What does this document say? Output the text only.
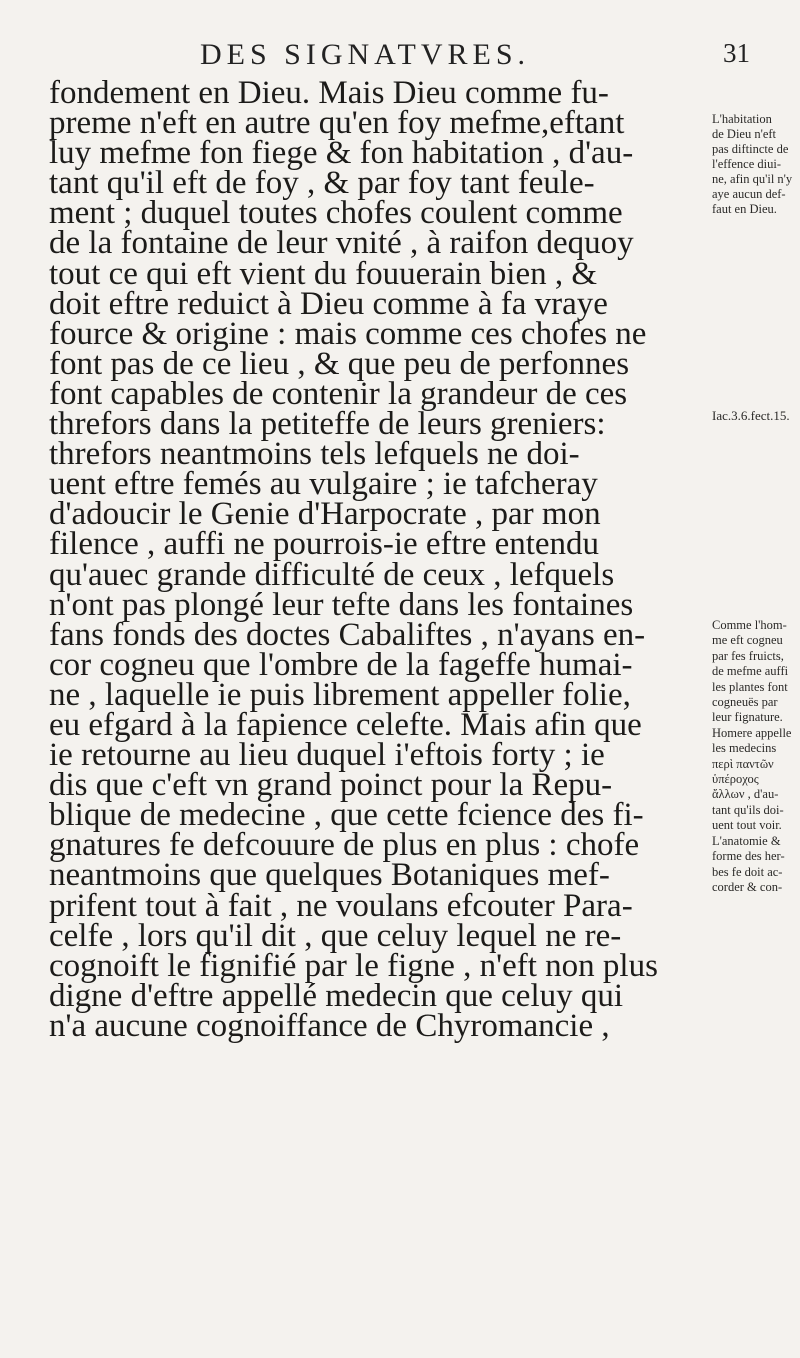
DES SIGNATVRES.	31
fondement en Dieu. Mais Dieu comme fu-
preme n'eft en autre qu'en foy mefme,eftant
luy mefme fon fiege & fon habitation , d'au-
tant qu'il eft de foy , & par foy tant feule-
ment ; duquel toutes chofes coulent comme
de la fontaine de leur vnité , à raifon dequoy
tout ce qui eft vient du fouuerain bien , &
doit eftre reduict à Dieu comme à fa vraye
fource & origine : mais comme ces chofes ne
font pas de ce lieu , & que peu de perfonnes
font capables de contenir la grandeur de ces
threfors dans la petiteffe de leurs greniers:
threfors neantmoins tels lefquels ne doi-
uent eftre femés au vulgaire ; ie tafcheray
d'adoucir le Genie d'Harpocrate , par mon
filence , auffi ne pourrois-ie eftre entendu
qu'auec grande difficulté de ceux , lefquels
n'ont pas plongé leur tefte dans les fontaines
fans fonds des doctes Cabaliftes , n'ayans en-
cor cogneu que l'ombre de la fageffe humai-
ne , laquelle ie puis librement appeller folie,
eu efgard à la fapience celefte. Mais afin que
ie retourne au lieu duquel i'eftois forty ; ie
dis que c'eft vn grand poinct pour la Repu-
blique de medecine , que cette fcience des fi-
gnatures fe defcouure de plus en plus : chofe
neantmoins que quelques Botaniques mef-
prifent tout à fait , ne voulans efcouter Para-
celfe , lors qu'il dit , que celuy lequel ne re-
cognoift le fignifié par le figne , n'eft non plus
digne d'eftre appellé medecin que celuy qui
n'a aucune cognoiffance de Chyromancie ,
L'habitation
de Dieu n'eft
pas diftincte de
l'effence diui-
ne, afin qu'il n'y
aye aucun def-
faut en Dieu.
Iac.3.6.fect.15.
Comme l'hom-
me eft cogneu
par fes fruicts,
de mefme auffi
les plantes font
cogneuës par
leur fignature.
Homere appelle
les medecins
περὶ παντῶν
ὑπέροχος
ἄλλων , d'au-
tant qu'ils doi-
uent tout voir.
L'anatomie &
forme des her-
bes fe doit ac-
corder & con-
